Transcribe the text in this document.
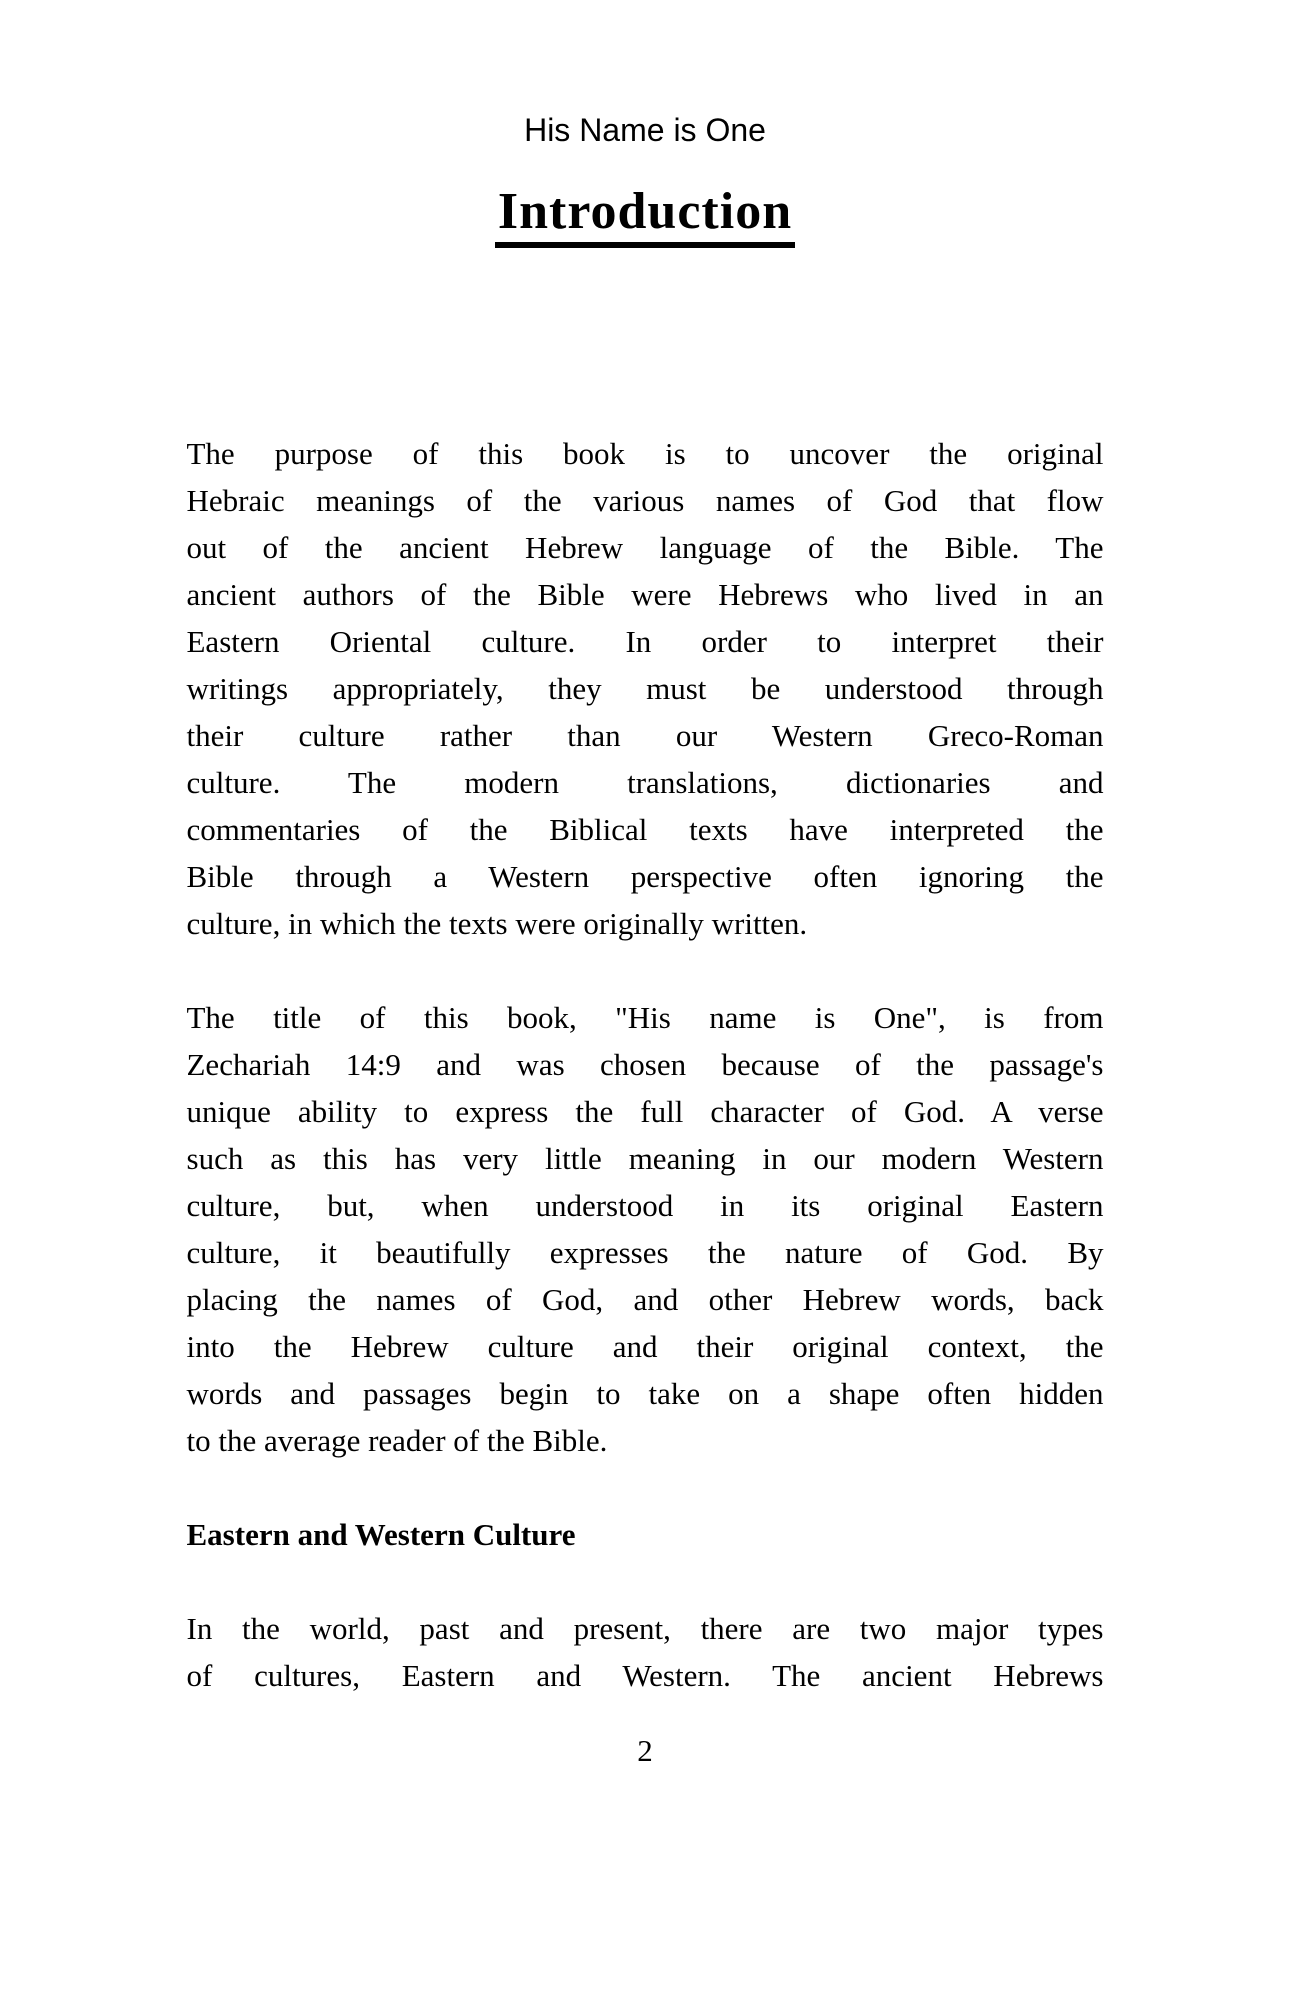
His Name is One
Introduction
The purpose of this book is to uncover the original
Hebraic meanings of the various names of God that flow
out of the ancient Hebrew language of the Bible. The
ancient authors of the Bible were Hebrews who lived in an
Eastern Oriental culture. In order to interpret their
writings appropriately, they must be understood through
their culture rather than our Western Greco-Roman
culture. The modern translations, dictionaries and
commentaries of the Biblical texts have interpreted the
Bible through a Western perspective often ignoring the
culture, in which the texts were originally written.
The title of this book, "His name is One", is from
Zechariah 14:9 and was chosen because of the passage's
unique ability to express the full character of God. A verse
such as this has very little meaning in our modern Western
culture, but, when understood in its original Eastern
culture, it beautifully expresses the nature of God. By
placing the names of God, and other Hebrew words, back
into the Hebrew culture and their original context, the
words and passages begin to take on a shape often hidden
to the average reader of the Bible.
Eastern and Western Culture
In the world, past and present, there are two major types
of cultures, Eastern and Western. The ancient Hebrews
2
